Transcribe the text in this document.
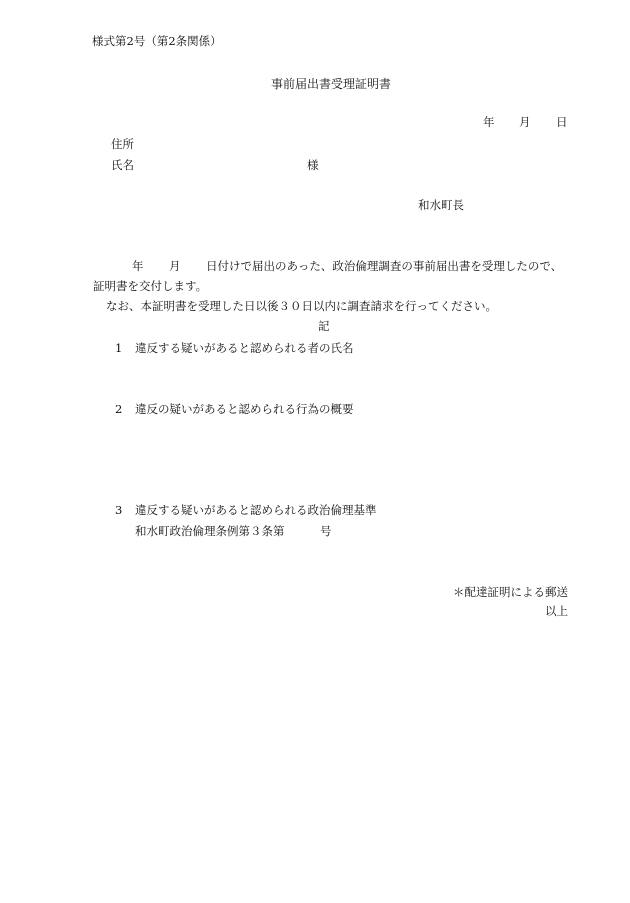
様式第2号（第2条関係）
事前届出書受理証明書
年 月 日
住所
氏名	様
和水町長
年 月 日付けで届出のあった、政治倫理調査の事前届出書を受理したので、
証明書を交付します。
なお、本証明書を受理した日以後３０日以内に調査請求を行ってください。
記
1 違反する疑いがあると認められる者の氏名
2 違反の疑いがあると認められる行為の概要
3 違反する疑いがあると認められる政治倫理基準
和水町政治倫理条例第３条第	号
＊配達証明による郵送
以上
